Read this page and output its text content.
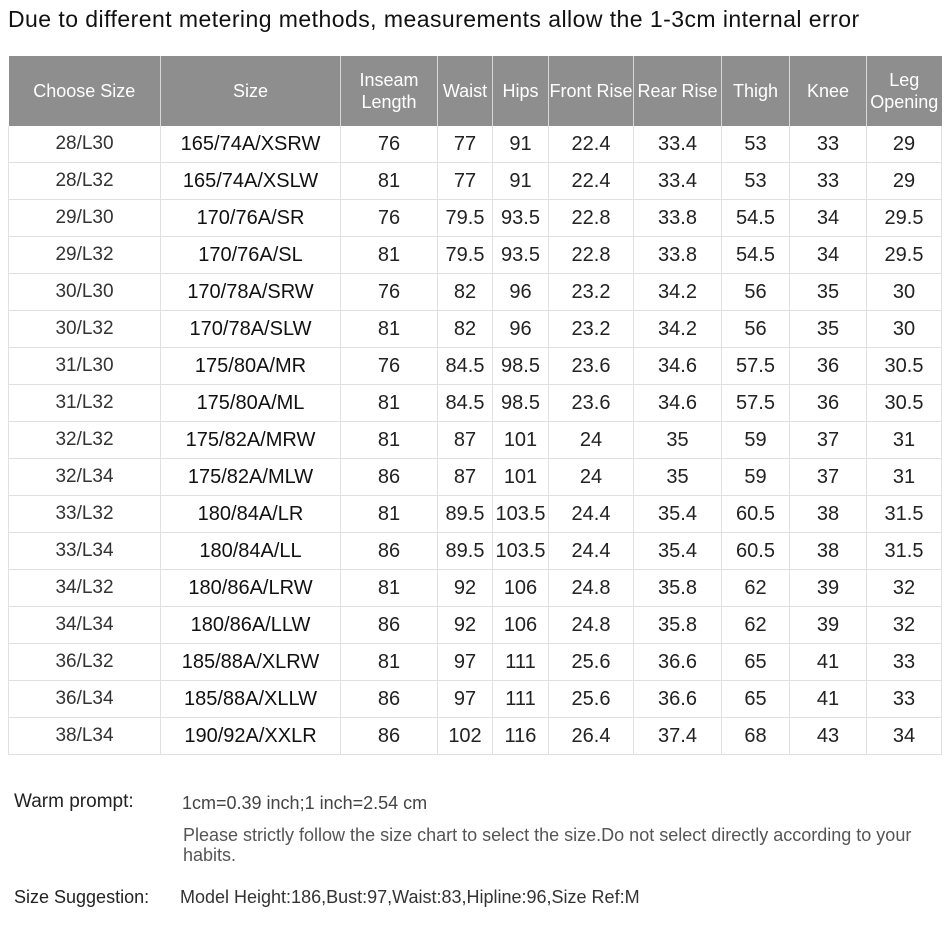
Due to different metering methods, measurements allow the 1-3cm internal error
Choose Size	Size	Inseam Length	Waist	Hips	Front Rise	Rear Rise	Thigh	Knee	Leg Opening
28/L30	165/74A/XSRW	76	77	91	22.4	33.4	53	33	29
28/L32	165/74A/XSLW	81	77	91	22.4	33.4	53	33	29
29/L30	170/76A/SR	76	79.5	93.5	22.8	33.8	54.5	34	29.5
29/L32	170/76A/SL	81	79.5	93.5	22.8	33.8	54.5	34	29.5
30/L30	170/78A/SRW	76	82	96	23.2	34.2	56	35	30
30/L32	170/78A/SLW	81	82	96	23.2	34.2	56	35	30
31/L30	175/80A/MR	76	84.5	98.5	23.6	34.6	57.5	36	30.5
31/L32	175/80A/ML	81	84.5	98.5	23.6	34.6	57.5	36	30.5
32/L32	175/82A/MRW	81	87	101	24	35	59	37	31
32/L34	175/82A/MLW	86	87	101	24	35	59	37	31
33/L32	180/84A/LR	81	89.5	103.5	24.4	35.4	60.5	38	31.5
33/L34	180/84A/LL	86	89.5	103.5	24.4	35.4	60.5	38	31.5
34/L32	180/86A/LRW	81	92	106	24.8	35.8	62	39	32
34/L34	180/86A/LLW	86	92	106	24.8	35.8	62	39	32
36/L32	185/88A/XLRW	81	97	111	25.6	36.6	65	41	33
36/L34	185/88A/XLLW	86	97	111	25.6	36.6	65	41	33
38/L34	190/92A/XXLR	86	102	116	26.4	37.4	68	43	34
Warm prompt:	1cm=0.39 inch;1 inch=2.54 cm
Please strictly follow the size chart to select the size.Do not select directly according to your habits.
Size Suggestion: Model Height:186,Bust:97,Waist:83,Hipline:96,Size Ref:M
